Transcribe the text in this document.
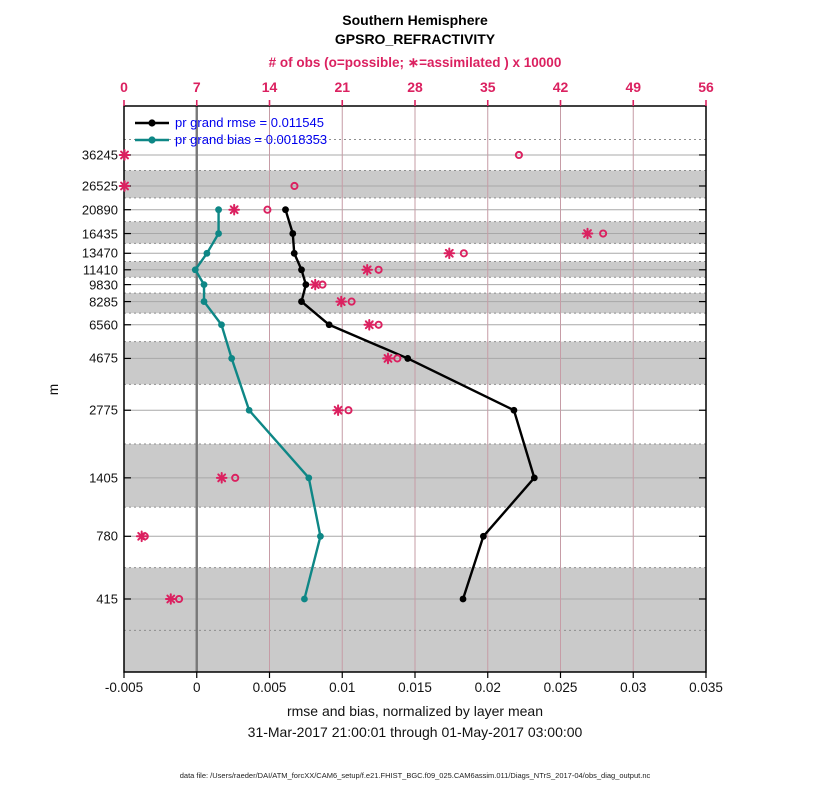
Southern Hemisphere
GPSRO_REFRACTIVITY
# of obs (o=possible; ∗=assimilated ) x 10000
0	7	14	21	28	35	42	49	56
36245
26525
20890
16435
13470
11410
9830
8285
6560
4675
2775
1405
780
415
-0.005	0	0.005	0.01	0.015	0.02	0.025	0.03	0.035
m
rmse and bias, normalized by layer mean
31-Mar-2017 21:00:01 through 01-May-2017 03:00:00
data file: /Users/raeder/DAI/ATM_forcXX/CAM6_setup/f.e21.FHIST_BGC.f09_025.CAM6assim.011/Diags_NTrS_2017-04/obs_diag_output.nc
pr grand rmse = 0.011545
pr grand bias = 0.0018353
